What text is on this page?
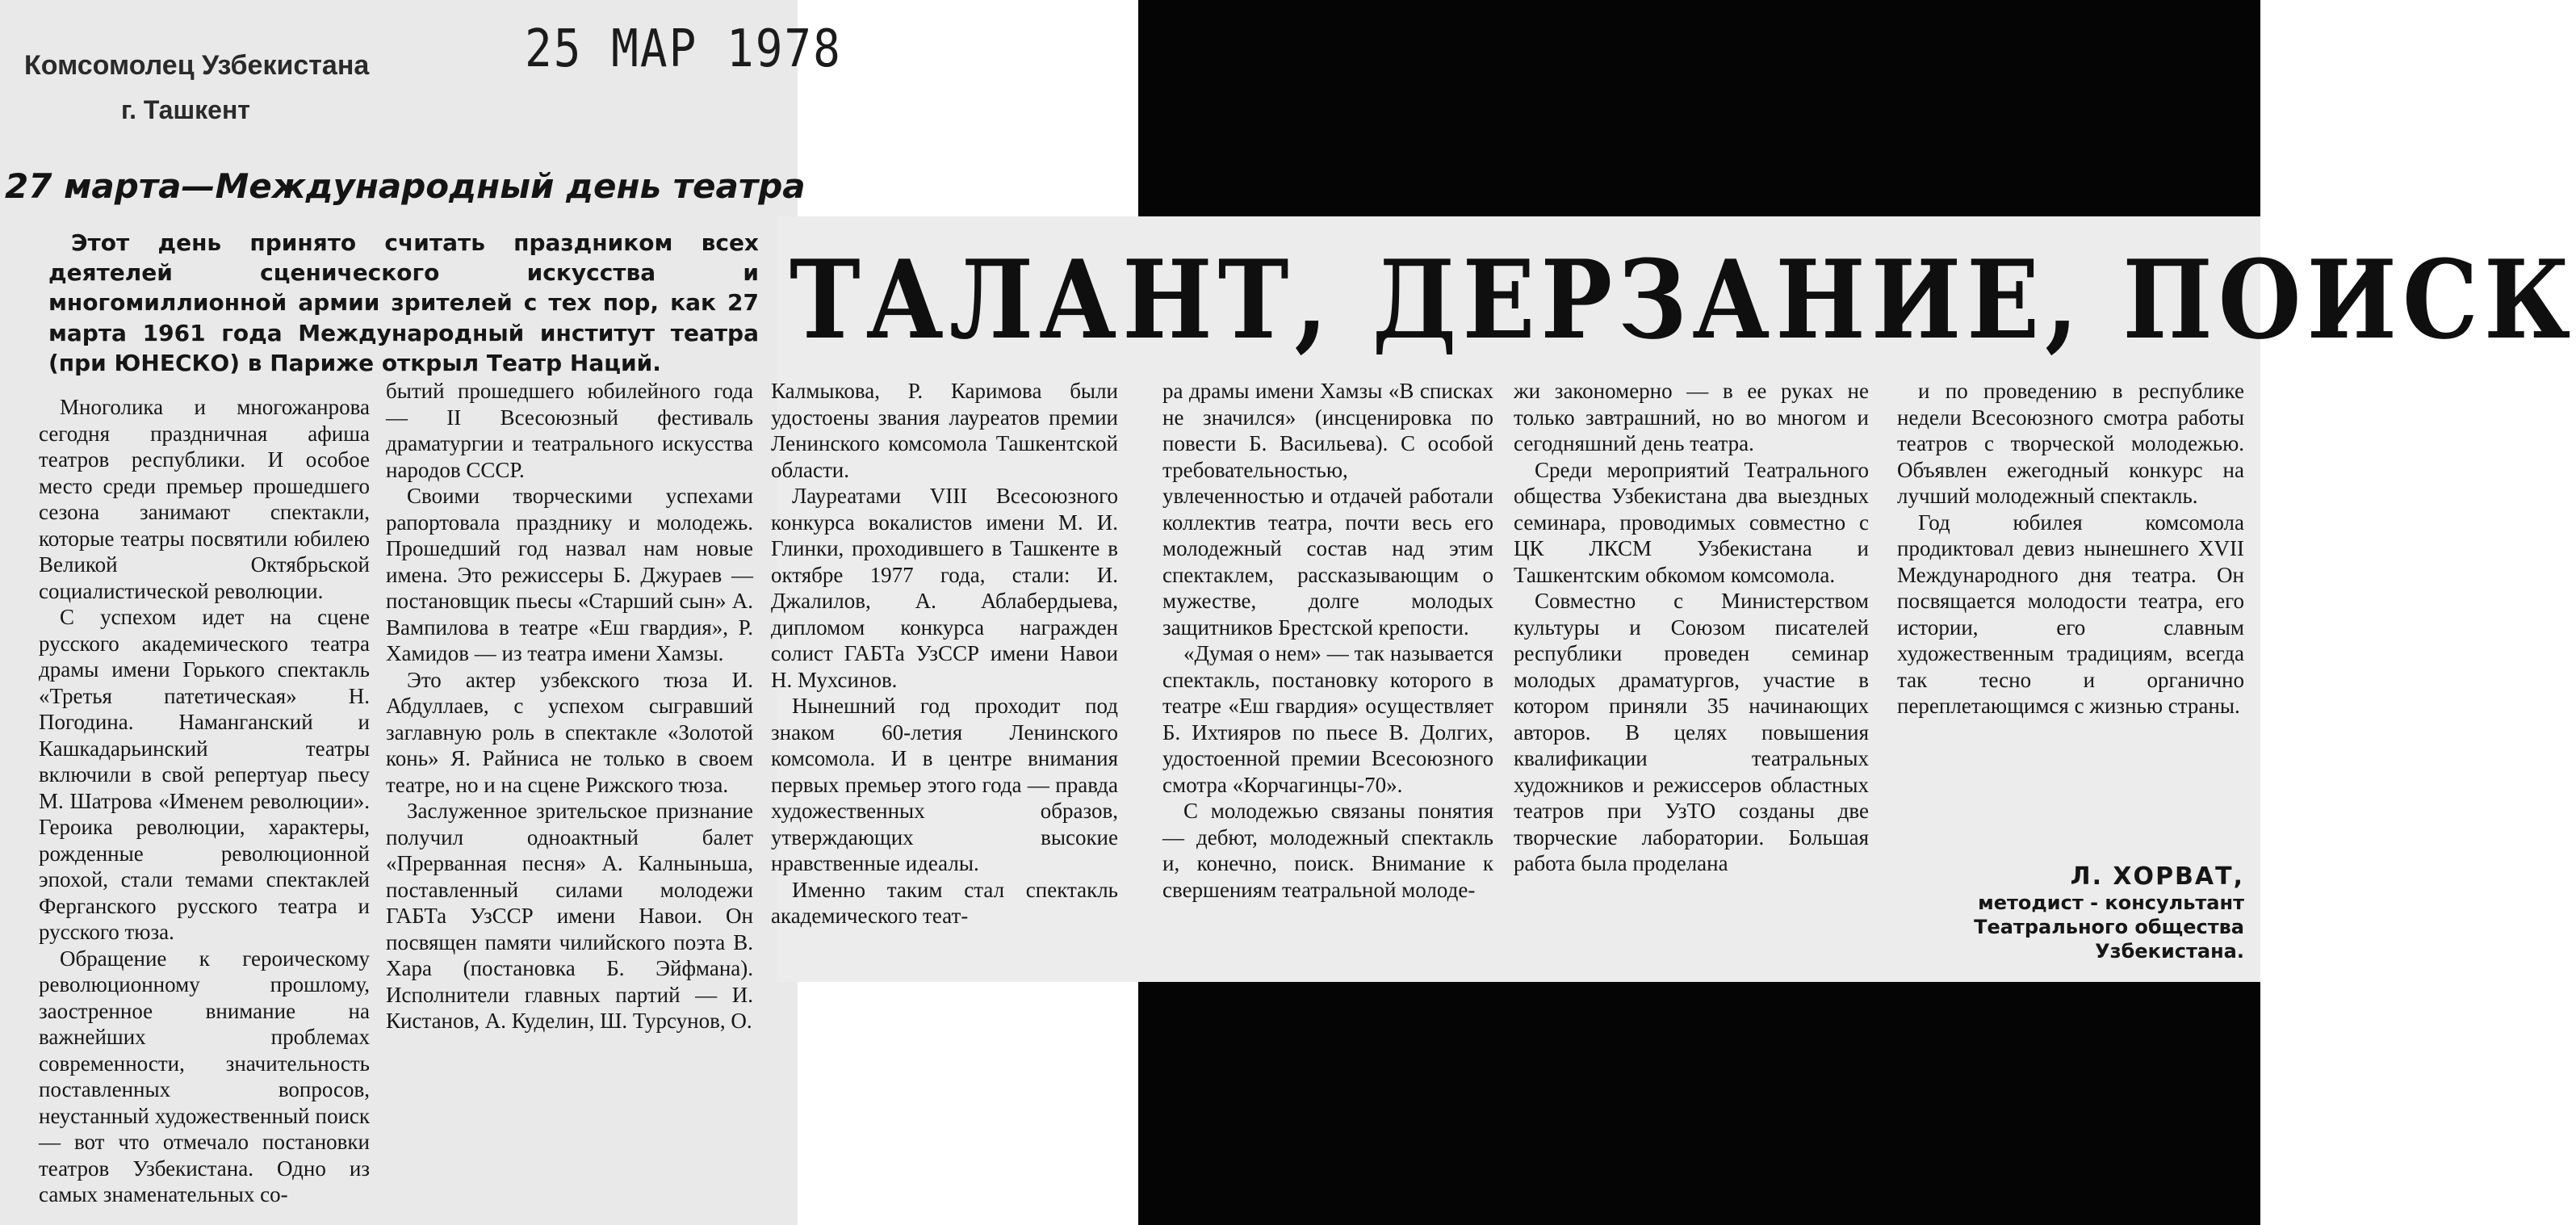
Комсомолец Узбекистана
г. Ташкент
25 МАР 1978
27 марта—Международный день театра
Этот день принято считать праздником всех деятелей сценического искусства и многомиллионной армии зрителей с тех пор, как 27 марта 1961 года Международный институт театра (при ЮНЕСКО) в Париже открыл Театр Наций.	ТАЛАНТ, ДЕРЗАНИЕ, ПОИСК

Многолика и многожанрова сегодня праздничная афиша театров республики. И особое место среди премьер прошедшего сезона занимают спектакли, которые театры посвятили юбилею Великой Октябрьской социалистической революции.

С успехом идет на сцене русского академического театра драмы имени Горького спектакль «Третья патетическая» Н. Погодина. Наманганский и Кашкадарьинский театры включили в свой репертуар пьесу М. Шатрова «Именем революции». Героика революции, характеры, рожденные революционной эпохой, стали темами спектаклей Ферганского русского театра и русского тюза.

Обращение к героическому революционному прошлому, заостренное внимание на важнейших проблемах современности, значительность поставленных вопросов, неустанный художественный поиск — вот что отмечало постановки театров Узбекистана. Одно из самых знаменательных со-

бытий прошедшего юбилейного года — II Всесоюзный фестиваль драматургии и театрального искусства народов СССР.

Своими творческими успехами рапортовала празднику и молодежь. Прошедший год назвал нам новые имена. Это режиссеры Б. Джураев — постановщик пьесы «Старший сын» А. Вампилова в театре «Еш гвардия», Р. Хамидов — из театра имени Хамзы.

Это актер узбекского тюза И. Абдуллаев, с успехом сыгравший заглавную роль в спектакле «Золотой конь» Я. Райниса не только в своем театре, но и на сцене Рижского тюза.

Заслуженное зрительское признание получил одноактный балет «Прерванная песня» А. Калныньша, поставленный силами молодежи ГАБТа УзССР имени Навои. Он посвящен памяти чилийского поэта В. Хара (постановка Б. Эйфмана). Исполнители главных партий — И. Кистанов, А. Куделин, Ш. Турсунов, О.

Калмыкова, Р. Каримова были удостоены звания лауреатов премии Ленинского комсомола Ташкентской области.

Лауреатами VIII Всесоюзного конкурса вокалистов имени М. И. Глинки, проходившего в Ташкенте в октябре 1977 года, стали: И. Джалилов, А. Аблабердыева, дипломом конкурса награжден солист ГАБТа УзССР имени Навои Н. Мухсинов.

Нынешний год проходит под знаком 60-летия Ленинского комсомола. И в центре внимания первых премьер этого года — правда художественных образов, утверждающих высокие нравственные идеалы.

Именно таким стал спектакль академического теат-

ра драмы имени Хамзы «В списках не значился» (инсценировка по повести Б. Васильева). С особой требовательностью, увлеченностью и отдачей работали коллектив театра, почти весь его молодежный состав над этим спектаклем, рассказывающим о мужестве, долге молодых защитников Брестской крепости.

«Думая о нем» — так называется спектакль, постановку которого в театре «Еш гвардия» осуществляет Б. Ихтияров по пьесе В. Долгих, удостоенной премии Всесоюзного смотра «Корчагинцы-70».

С молодежью связаны понятия — дебют, молодежный спектакль и, конечно, поиск. Внимание к свершениям театральной молоде-

жи закономерно — в ее руках не только завтрашний, но во многом и сегодняшний день театра.

Среди мероприятий Театрального общества Узбекистана два выездных семинара, проводимых совместно с ЦК ЛКСМ Узбекистана и Ташкентским обкомом комсомола.

Совместно с Министерством культуры и Союзом писателей республики проведен семинар молодых драматургов, участие в котором приняли 35 начинающих авторов. В целях повышения квалификации театральных художников и режиссеров областных театров при УзТО созданы две творческие лаборатории. Большая работа была проделана

и по проведению в республике недели Всесоюзного смотра работы театров с творческой молодежью. Объявлен ежегодный конкурс на лучший молодежный спектакль.

Год юбилея комсомола продиктовал девиз нынешнего XVII Международного дня театра. Он посвящается молодости театра, его истории, его славным художественным традициям, всегда так тесно и органично переплетающимся с жизнью страны.

Л. ХОРВАТ,
методист - консультант Театрального общества Узбекистана.
